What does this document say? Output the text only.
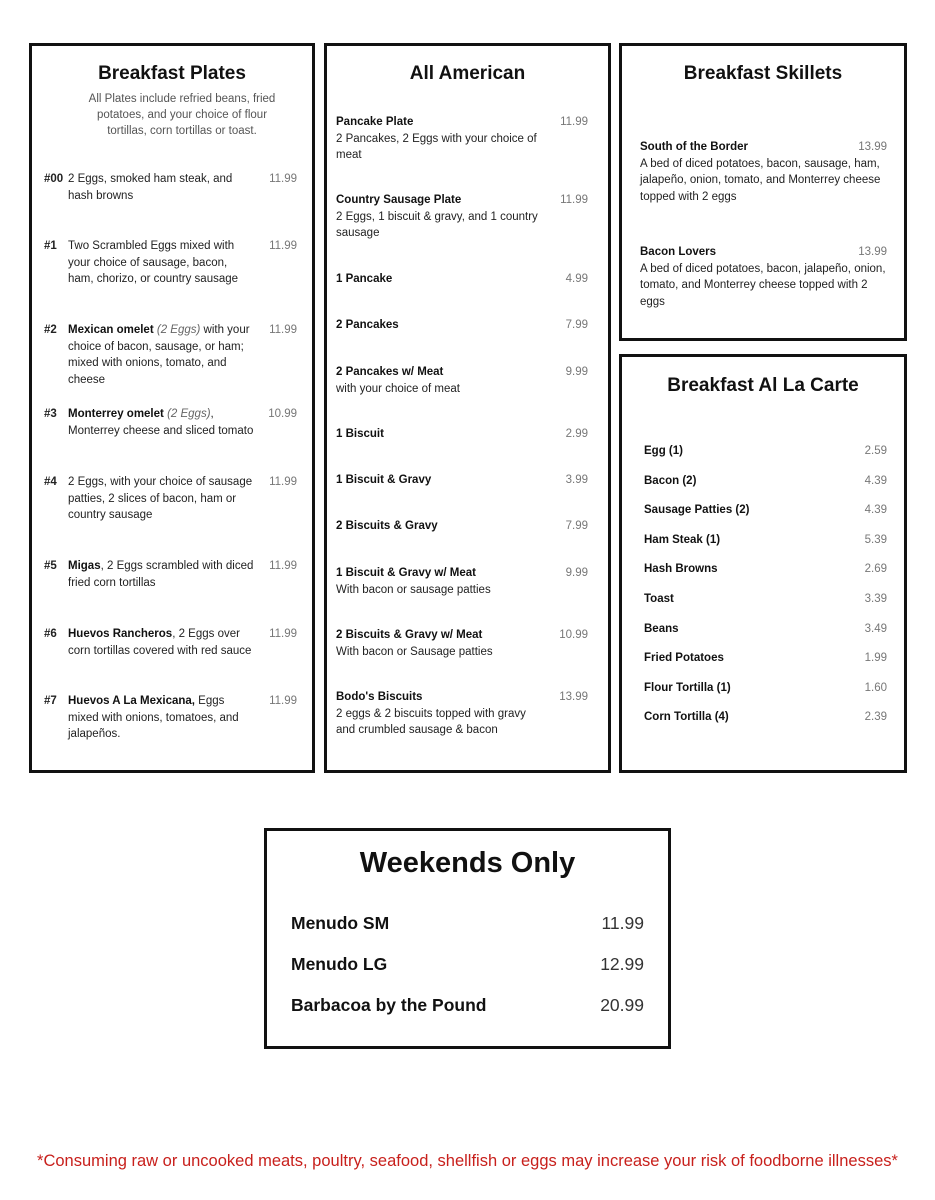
Breakfast Plates
All Plates include refried beans, fried potatoes, and your choice of flour tortillas, corn tortillas or toast.
#00 2 Eggs, smoked ham steak, and hash browns
11.99
#1 Two Scrambled Eggs mixed with your choice of sausage, bacon, ham, chorizo, or country sausage
11.99
#2 Mexican omelet (2 Eggs) with your choice of bacon, sausage, or ham; mixed with onions, tomato, and cheese
11.99
#3 Monterrey omelet (2 Eggs), Monterrey cheese and sliced tomato
10.99
#4 2 Eggs, with your choice of sausage patties, 2 slices of bacon, ham or country sausage
11.99
#5 Migas, 2 Eggs scrambled with diced fried corn tortillas
11.99
#6 Huevos Rancheros, 2 Eggs over corn tortillas covered with red sauce
11.99
#7 Huevos A La Mexicana, Eggs mixed with onions, tomatoes, and jalapeños.
11.99
All American
Pancake Plate
2 Pancakes, 2 Eggs with your choice of meat
11.99
Country Sausage Plate
2 Eggs, 1 biscuit & gravy, and 1 country sausage
11.99
1 Pancake	4.99
2 Pancakes	7.99
2 Pancakes w/ Meat
with your choice of meat
9.99
1 Biscuit	2.99
1 Biscuit & Gravy	3.99
2 Biscuits & Gravy	7.99
1 Biscuit & Gravy w/ Meat
With bacon or sausage patties
9.99
2 Biscuits & Gravy w/ Meat
With bacon or Sausage patties
10.99
Bodo's Biscuits
2 eggs & 2 biscuits topped with gravy and crumbled sausage & bacon
13.99
Breakfast Skillets
South of the Border
A bed of diced potatoes, bacon, sausage, ham, jalapeño, onion, tomato, and Monterrey cheese topped with 2 eggs
13.99
Bacon Lovers
A bed of diced potatoes, bacon, jalapeño, onion, tomato, and Monterrey cheese topped with 2 eggs
13.99
Breakfast Al La Carte
Egg (1)	2.59
Bacon (2)	4.39
Sausage Patties (2)	4.39
Ham Steak (1)	5.39
Hash Browns	2.69
Toast	3.39
Beans	3.49
Fried Potatoes	1.99
Flour Tortilla (1)	1.60
Corn Tortilla (4)	2.39
Weekends Only
Menudo SM	11.99
Menudo LG	12.99
Barbacoa by the Pound	20.99
*Consuming raw or uncooked meats, poultry, seafood, shellfish or eggs may increase your risk of foodborne illnesses*
